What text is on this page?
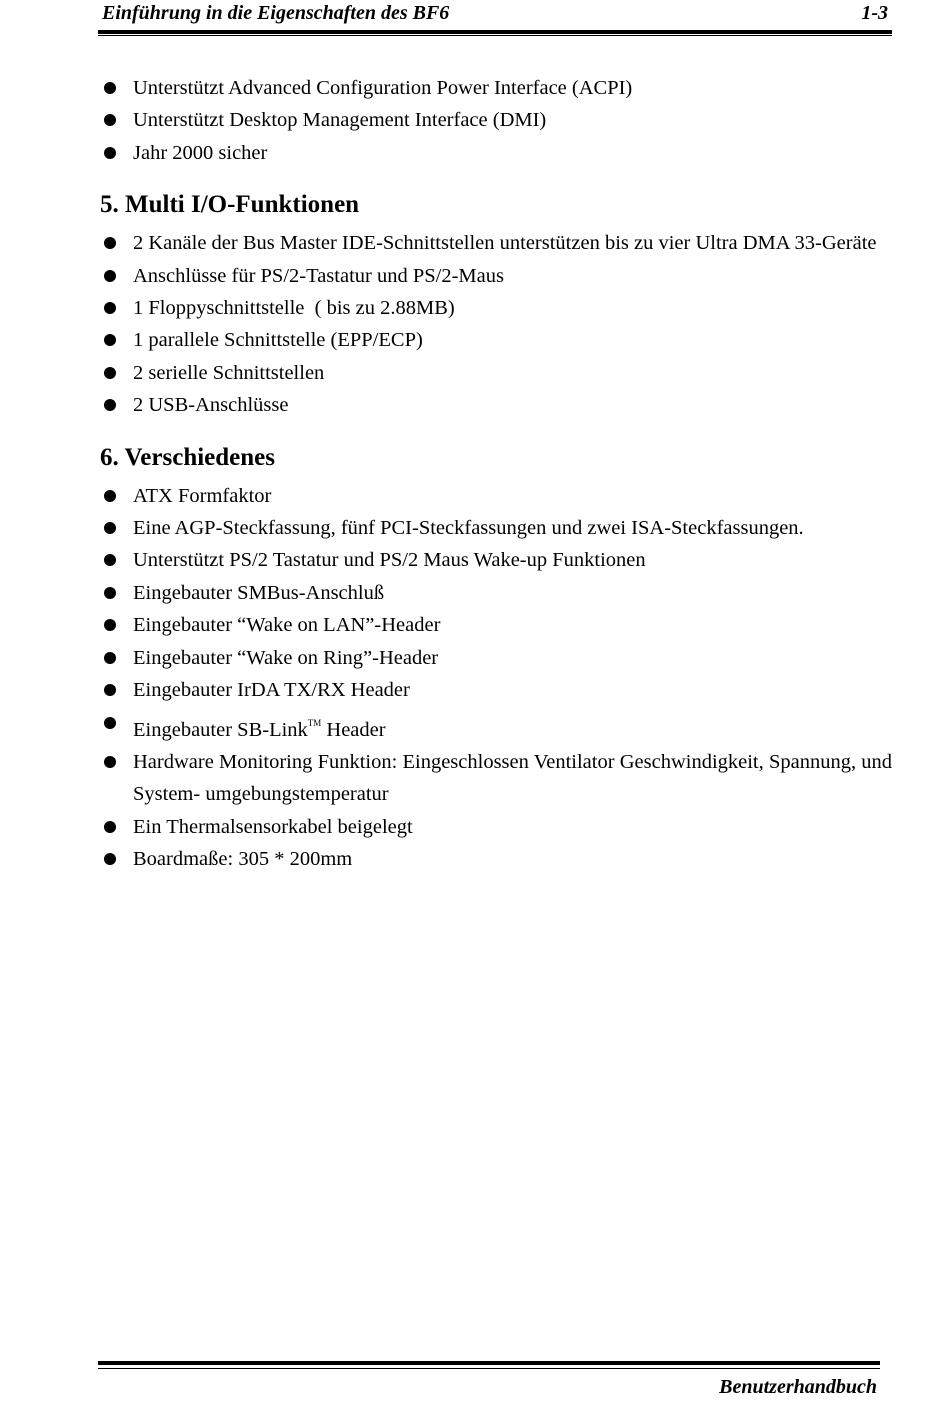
Einführung in die Eigenschaften des BF6	1-3
Unterstützt Advanced Configuration Power Interface (ACPI)
Unterstützt Desktop Management Interface (DMI)
Jahr 2000 sicher
5. Multi I/O-Funktionen
2 Kanäle der Bus Master IDE-Schnittstellen unterstützen bis zu vier Ultra DMA 33-Geräte
Anschlüsse für PS/2-Tastatur und PS/2-Maus
1 Floppyschnittstelle  ( bis zu 2.88MB)
1 parallele Schnittstelle (EPP/ECP)
2 serielle Schnittstellen
2 USB-Anschlüsse
6. Verschiedenes
ATX Formfaktor
Eine AGP-Steckfassung, fünf PCI-Steckfassungen und zwei ISA-Steckfassungen.
Unterstützt PS/2 Tastatur und PS/2 Maus Wake-up Funktionen
Eingebauter SMBus-Anschluß
Eingebauter “Wake on LAN”-Header
Eingebauter “Wake on Ring”-Header
Eingebauter IrDA TX/RX Header
Eingebauter SB-Link™ Header
Hardware Monitoring Funktion: Eingeschlossen Ventilator Geschwindigkeit, Spannung, und System- umgebungstemperatur
Ein Thermalsensorkabel beigelegt
Boardmaße: 305 * 200mm
Benutzerhandbuch
